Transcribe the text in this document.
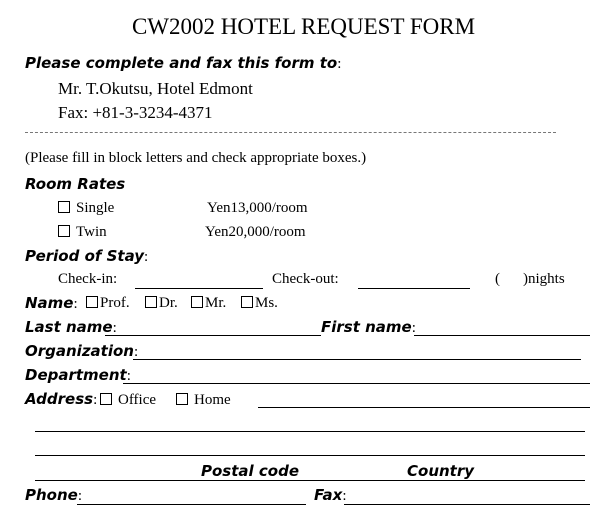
CW2002 HOTEL REQUEST FORM
Please complete and fax this form to:
Mr. T.Okutsu, Hotel Edmont
Fax: +81-3-3234-4371
(Please fill in block letters and check appropriate boxes.)
Room Rates
Single	Yen13,000/room
Twin	Yen20,000/room
Period of Stay:
Check-in:	Check-out:	( )nights
Name:	Prof.	Dr.	Mr.	Ms.
Last name:	First name:
Organization:
Department:
Address:	Office	Home
Postal code	Country
Phone:	Fax:
